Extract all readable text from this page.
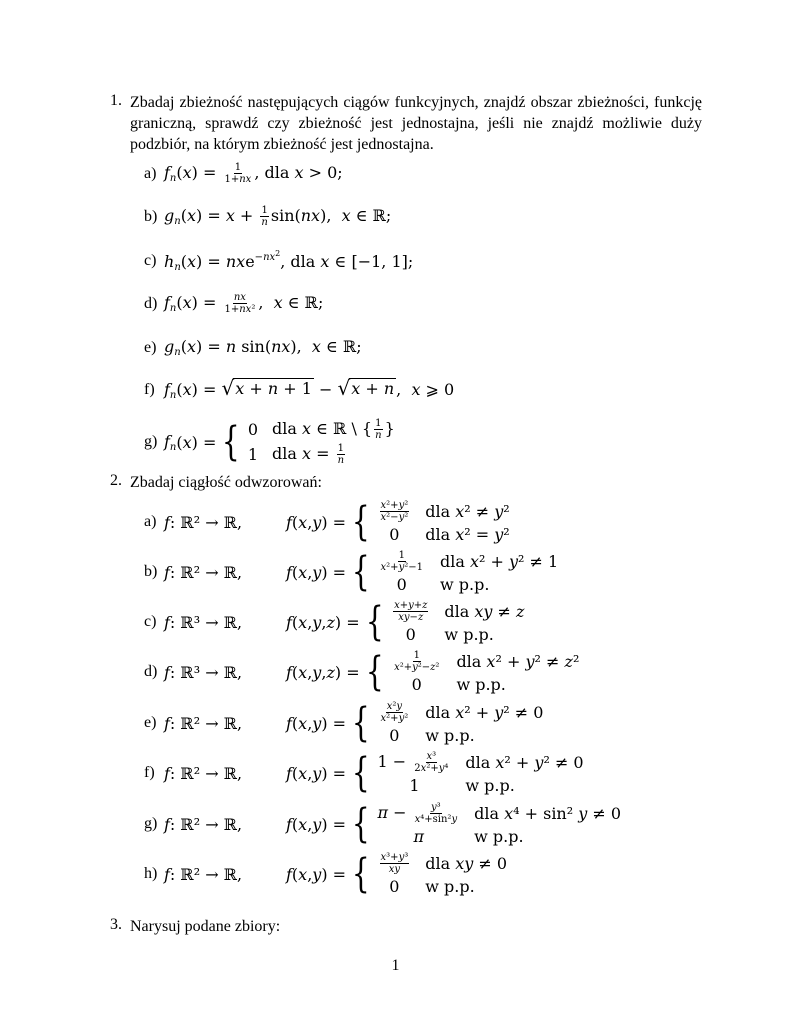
1. Zbadaj zbieżność następujących ciągów funkcyjnych, znajdź obszar zbieżności, funkcję graniczną, sprawdź czy zbieżność jest jednostajna, jeśli nie znajdź możliwie duży podzbiór, na którym zbieżność jest jednostajna.
a) $f_n(x) = \frac{1}{1+nx}$ , dla x > 0;
b) $g_n(x) = x + \frac{1}{n} \sin(nx)$,  x ∈ ℝ;
c) $h_n(x) = nxe^{-nx^2}$, dla x ∈ [−1, 1];
d) $f_n(x) = \frac{nx}{\text{1+nx²}}$ ,  x ∈ ℝ;
e) $g_n(x) = n$ sin(nx),  x ∈ ℝ;
f) $f_n(x)$ = √ x + n + 1 − √ x + n ,  x ⩾ 0
g) $f_n$ ( x ) = { 0 dla x ∈ ℝ \ { $\frac{1}{n}$ }
1 dla $x = \frac{1}{n}$
2. Zbadaj ciągłość odwzorowań:
a) f: ℝ² → ℝ,	f ( x , y ) = { $\frac{\text{x²+y²}}{\text{x²−y²}}$ dla x² ≠ y²
0	dla x² = y²
b) f: ℝ² → ℝ,	f ( x , y ) = { $\frac{1}{\text{x²+y²−1}}$ dla x² + y² ≠ 1
0	w p.p.
c) f: ℝ³ → ℝ,	f ( x , y , z ) = { $\frac{x+y+z}{xy-z}$ dla xy ≠ z
0	w p.p.
d) f: ℝ³ → ℝ,	f ( x , y , z ) = { $\frac{1}{\text{x²+y²−z²}}$ dla x² + y² ≠ z²
0	w p.p.
e) f: ℝ² → ℝ,	f ( x , y ) = { $\frac{\text{x²y}}{\text{x²+y²}}$ dla x² + y² ≠ 0
0	w p.p.
f) f: ℝ² → ℝ,	f ( x , y ) = { $1 - \frac{\text{x³}}{\text{2x²+y⁴}}$ dla x² + y² ≠ 0
1	w p.p.
g) f: ℝ² → ℝ,	f ( x , y ) = { $\pi - \frac{\text{y³}}{\text{x⁴+sin²y}}$ dla x⁴ + sin² y ≠ 0
π	w p.p.
h) f: ℝ² → ℝ,	f ( x , y ) = { $\frac{\text{x³+y³}}{xy}$ dla xy ≠ 0
0	w p.p.
3. Narysuj podane zbiory:
1
